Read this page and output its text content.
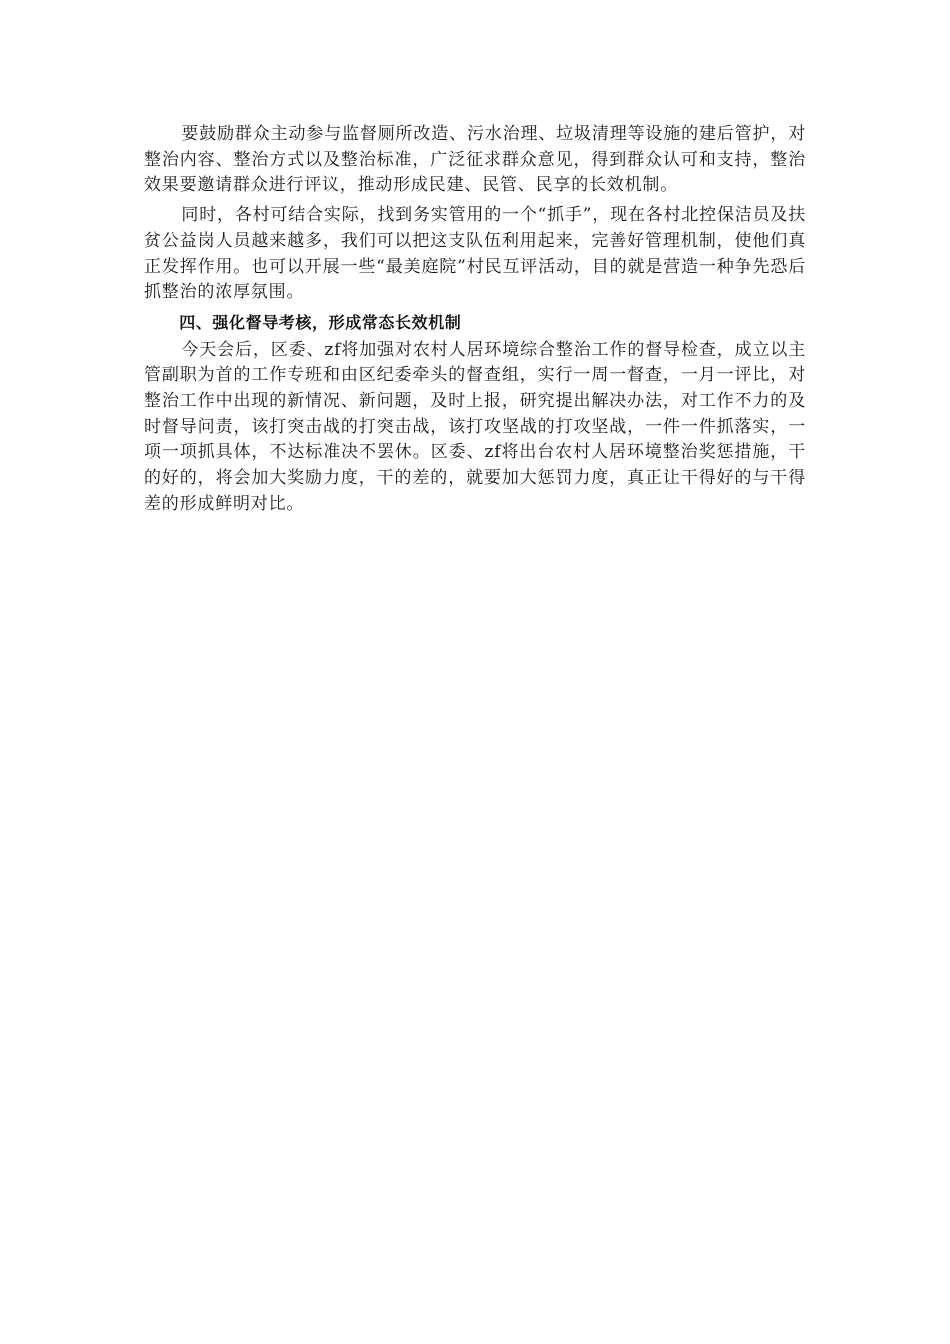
要鼓励群众主动参与监督厕所改造、污水治理、垃圾清理等设施的建后管护，对整治内容、整治方式以及整治标准，广泛征求群众意见，得到群众认可和支持，整治效果要邀请群众进行评议，推动形成民建、民管、民享的长效机制。

同时，各村可结合实际，找到务实管用的一个“抓手”，现在各村北控保洁员及扶贫公益岗人员越来越多，我们可以把这支队伍利用起来，完善好管理机制，使他们真正发挥作用。也可以开展一些“最美庭院”村民互评活动，目的就是营造一种争先恐后抓整治的浓厚氛围。

四、强化督导考核，形成常态长效机制

今天会后，区委、zf将加强对农村人居环境综合整治工作的督导检查，成立以主管副职为首的工作专班和由区纪委牵头的督查组，实行一周一督查，一月一评比，对整治工作中出现的新情况、新问题，及时上报，研究提出解决办法，对工作不力的及时督导问责，该打突击战的打突击战，该打攻坚战的打攻坚战，一件一件抓落实，一项一项抓具体，不达标准决不罢休。区委、zf将出台农村人居环境整治奖惩措施，干的好的，将会加大奖励力度，干的差的，就要加大惩罚力度，真正让干得好的与干得差的形成鲜明对比。
